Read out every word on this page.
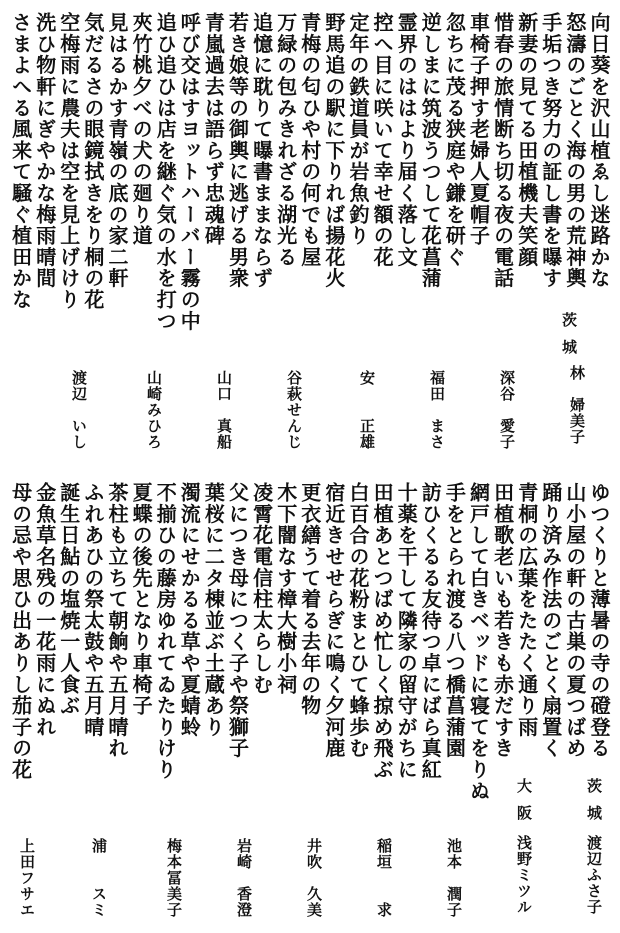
向日葵を沢山植ゑし迷路かな
怒濤のごとく海の男の荒神輿
手垢つき努力の証し書を曝す
新妻の見てる田植機夫笑顔
惜春の旅情断ち切る夜の電話
車椅子押す老婦人夏帽子
忽ちに茂る狭庭や鎌を研ぐ
逆しまに筑波うつして花菖蒲
霊界のははより届く落し文
控へ目に咲いて幸せ額の花
定年の鉄道員が岩魚釣り
野馬追の駅に下りれば揚花火
青梅の匂ひや村の何でも屋
万緑の包みきれざる湖光る
追憶に耽りて曝書ままならず
若き娘等の御輿に逃げる男衆
青嵐過去は語らず忠魂碑
呼び交はすヨットハーバー霧の中
追ひ追ひは店を継ぐ気の水を打つ
夾竹桃夕べの犬の廻り道
見はるかす青嶺の底の家二軒
気だるさの眼鏡拭きをり桐の花
空梅雨に農夫は空を見上げけり
洗ひ物軒にぎやかな梅雨晴間
さまよへる風来て騒ぐ植田かな
茨城
林　婦美子
深谷　愛子
福田　まさ
安　　正雄
谷萩せんじ
山口　真船
山崎みひろ
渡辺　いし
ゆつくりと薄暑の寺の磴登る
山小屋の軒の古巣の夏つばめ
踊り済み作法のごとく扇置く
青桐の広葉をたたく通り雨
田植歌老いも若きも赤だすき
網戸して白きベッドに寝てをりぬ
手をとられ渡る八つ橋菖蒲園
訪ひくるる友待つ卓にばら真紅
十薬を干して隣家の留守がちに
田植あとつばめ忙しく掠め飛ぶ
白百合の花粉まとひて蜂歩む
宿近きせせらぎに鳴く夕河鹿
更衣繕うて着る去年の物
木下闇なす樟大樹小祠
凌霄花電信柱太らしむ
父につき母につく子や祭獅子
葉桜に二タ棟並ぶ土蔵あり
濁流にせかるる草や夏蜻蛉
不揃ひの藤房ゆれてゐたりけり
夏蝶の後先となり車椅子
茶柱も立ちて朝餉や五月晴れ
ふれあひの祭太鼓や五月晴
誕生日鮎の塩焼一人食ぶ
金魚草名残の一花雨にぬれ
母の忌や思ひ出ありし茄子の花
茨城
渡辺ふさ子
大阪
浅野ミツル
池本　潤子
稲垣　　求
井吹　久美
岩崎　香澄
梅本冨美子
浦　　スミ
上田フサエ
